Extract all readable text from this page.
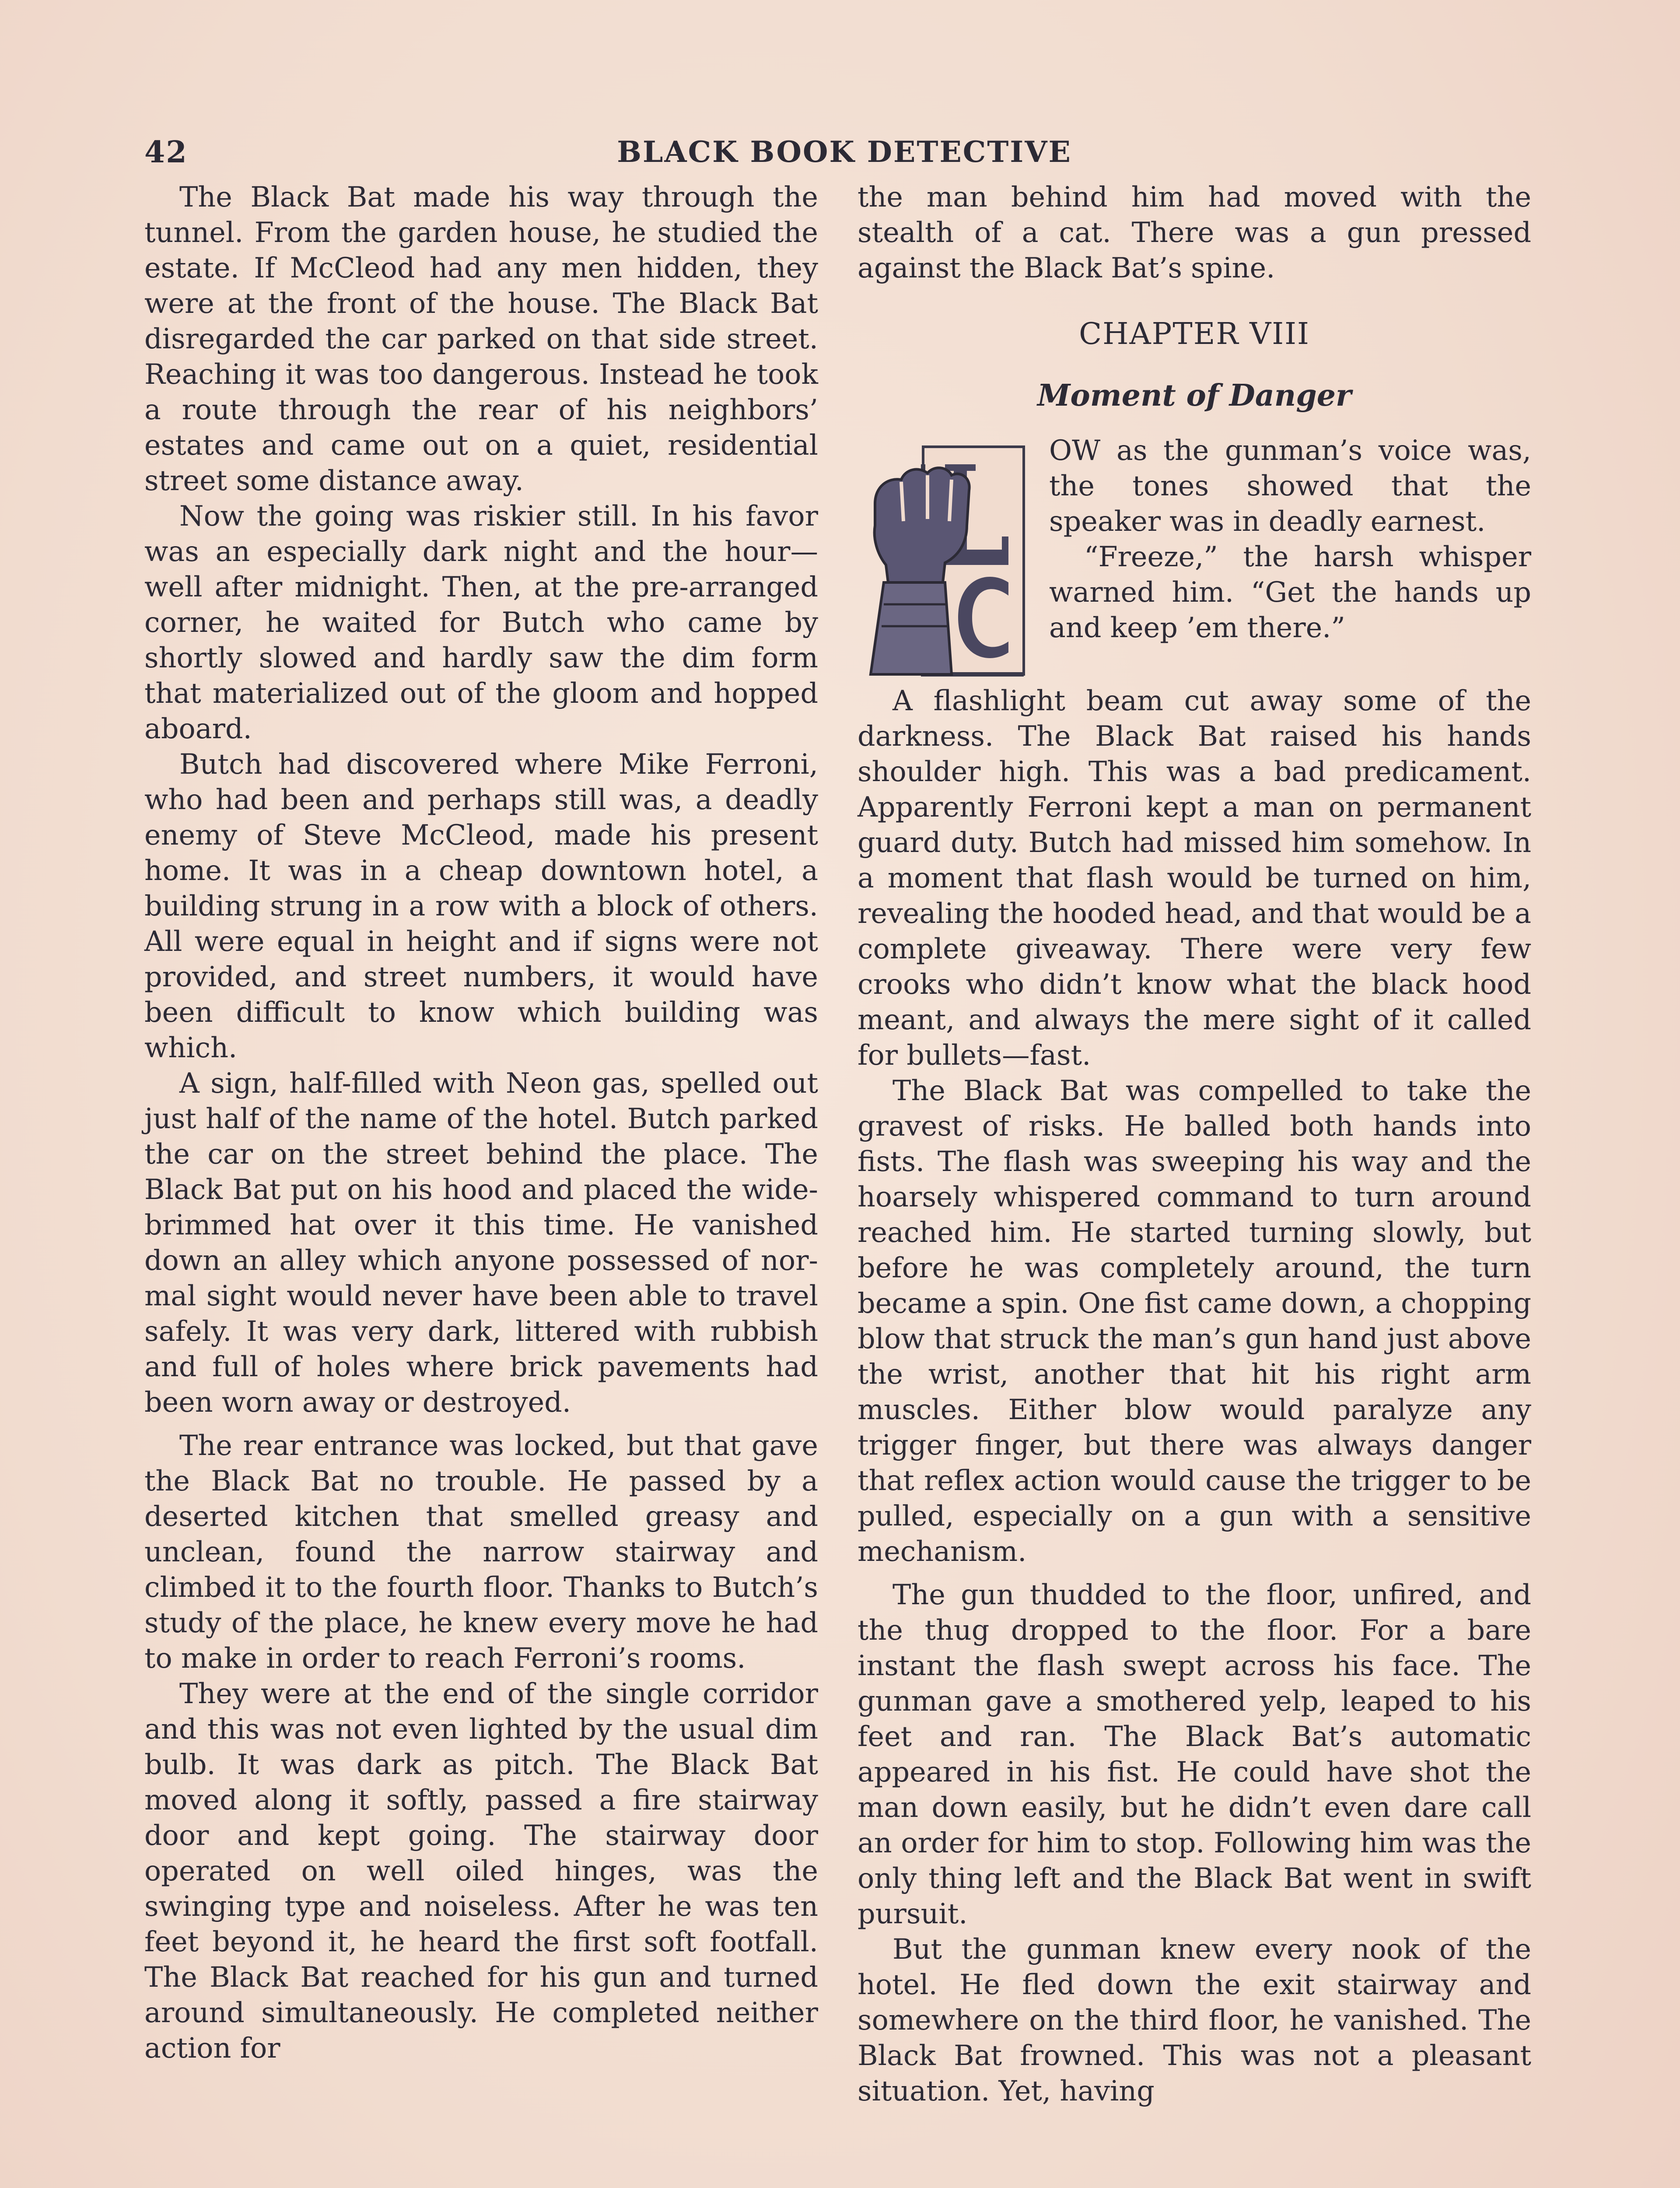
42	BLACK BOOK DETECTIVE

The Black Bat made his way through the tunnel. From the garden house, he studied the estate. If McCleod had any men hidden, they were at the front of the house. The Black Bat disregarded the car parked on that side street. Reaching it was too dangerous. Instead he took a route through the rear of his neighbors’ estates and came out on a quiet, residential street some distance away.

Now the going was riskier still. In his favor was an especially dark night and the hour—well after midnight. Then, at the pre-arranged corner, he waited for Butch who came by shortly slowed and hardly saw the dim form that materialized out of the gloom and hopped aboard.

Butch had discovered where Mike Ferroni, who had been and perhaps still was, a deadly enemy of Steve McCleod, made his present home. It was in a cheap downtown hotel, a building strung in a row with a block of others. All were equal in height and if signs were not provided, and street numbers, it would have been difficult to know which building was which.

A sign, half-filled with Neon gas, spelled out just half of the name of the hotel. Butch parked the car on the street behind the place. The Black Bat put on his hood and placed the wide-brimmed hat over it this time. He vanished down an alley which anyone possessed of normal sight would never have been able to travel safely. It was very dark, littered with rubbish and full of holes where brick pavements had been worn away or destroyed.

The rear entrance was locked, but that gave the Black Bat no trouble. He passed by a deserted kitchen that smelled greasy and unclean, found the narrow stairway and climbed it to the fourth floor. Thanks to Butch’s study of the place, he knew every move he had to make in order to reach Ferroni’s rooms.

They were at the end of the single corridor and this was not even lighted by the usual dim bulb. It was dark as pitch. The Black Bat moved along it softly, passed a fire stairway door and kept going. The stairway door operated on well oiled hinges, was the swinging type and noiseless. After he was ten feet beyond it, he heard the first soft footfall. The Black Bat reached for his gun and turned around simultaneously. He completed neither action for

the man behind him had moved with the stealth of a cat. There was a gun pressed against the Black Bat’s spine.

CHAPTER VIII
Moment of Danger

OW as the gunman’s voice was, the tones showed that the speaker was in deadly earnest.

“Freeze,” the harsh whisper warned him. “Get the hands up and keep ’em there.”

A flashlight beam cut away some of the darkness. The Black Bat raised his hands shoulder high. This was a bad predicament. Apparently Ferroni kept a man on permanent guard duty. Butch had missed him somehow. In a moment that flash would be turned on him, revealing the hooded head, and that would be a complete giveaway. There were very few crooks who didn’t know what the black hood meant, and always the mere sight of it called for bullets—fast.

The Black Bat was compelled to take the gravest of risks. He balled both hands into fists. The flash was sweeping his way and the hoarsely whispered command to turn around reached him. He started turning slowly, but before he was completely around, the turn became a spin. One fist came down, a chopping blow that struck the man’s gun hand just above the wrist, another that hit his right arm muscles. Either blow would paralyze any trigger finger, but there was always danger that reflex action would cause the trigger to be pulled, especially on a gun with a sensitive mechanism.

The gun thudded to the floor, unfired, and the thug dropped to the floor. For a bare instant the flash swept across his face. The gunman gave a smothered yelp, leaped to his feet and ran. The Black Bat’s automatic appeared in his fist. He could have shot the man down easily, but he didn’t even dare call an order for him to stop. Following him was the only thing left and the Black Bat went in swift pursuit.

But the gunman knew every nook of the hotel. He fled down the exit stairway and somewhere on the third floor, he vanished. The Black Bat frowned. This was not a pleasant situation. Yet, having
